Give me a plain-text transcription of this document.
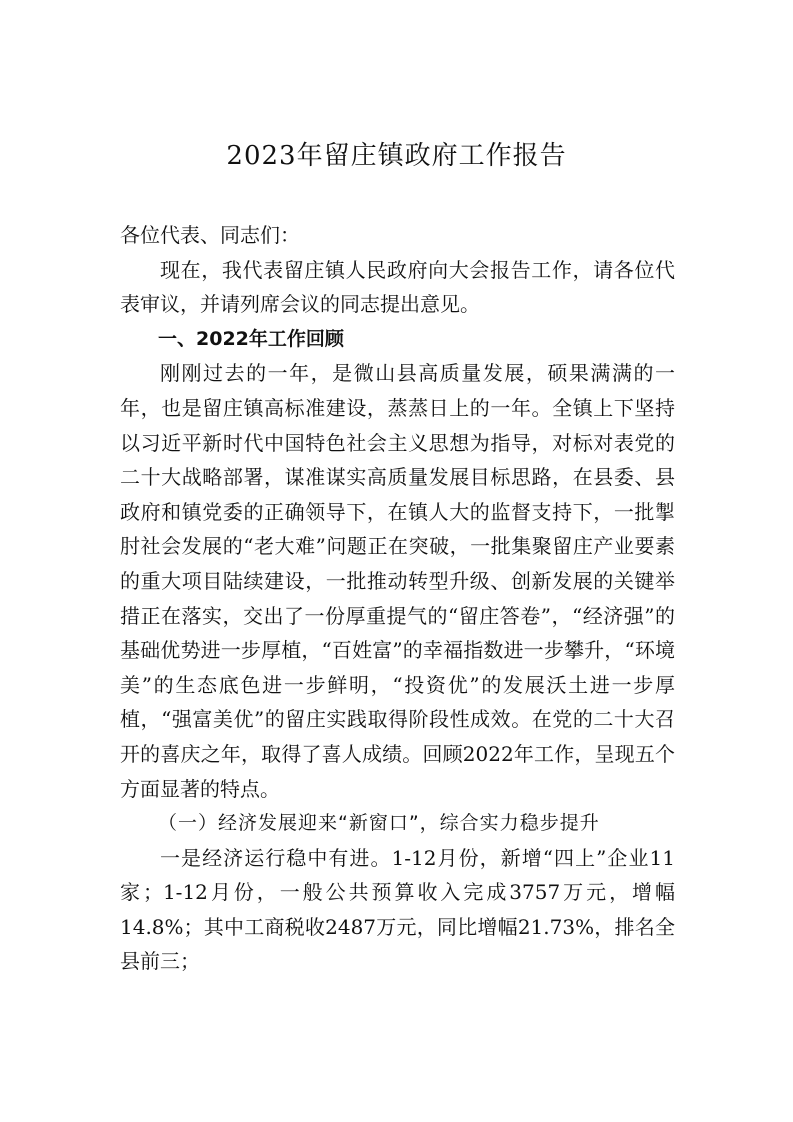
2023年留庄镇政府工作报告

各位代表、同志们：

现在，我代表留庄镇人民政府向大会报告工作，请各位代表审议，并请列席会议的同志提出意见。

一、2022年工作回顾

刚刚过去的一年，是微山县高质量发展，硕果满满的一年，也是留庄镇高标准建设，蒸蒸日上的一年。全镇上下坚持以习近平新时代中国特色社会主义思想为指导，对标对表党的二十大战略部署，谋准谋实高质量发展目标思路，在县委、县政府和镇党委的正确领导下，在镇人大的监督支持下，一批掣肘社会发展的“老大难”问题正在突破，一批集聚留庄产业要素的重大项目陆续建设，一批推动转型升级、创新发展的关键举措正在落实，交出了一份厚重提气的“留庄答卷”，“经济强”的基础优势进一步厚植，“百姓富”的幸福指数进一步攀升，“环境美”的生态底色进一步鲜明，“投资优”的发展沃土进一步厚植，“强富美优”的留庄实践取得阶段性成效。在党的二十大召开的喜庆之年，取得了喜人成绩。回顾2022年工作，呈现五个方面显著的特点。

（一）经济发展迎来“新窗口”，综合实力稳步提升

一是经济运行稳中有进。1-12月份，新增“四上”企业11家；1-12月份，一般公共预算收入完成3757万元，增幅14.8%；其中工商税收2487万元，同比增幅21.73%，排名全县前三；
